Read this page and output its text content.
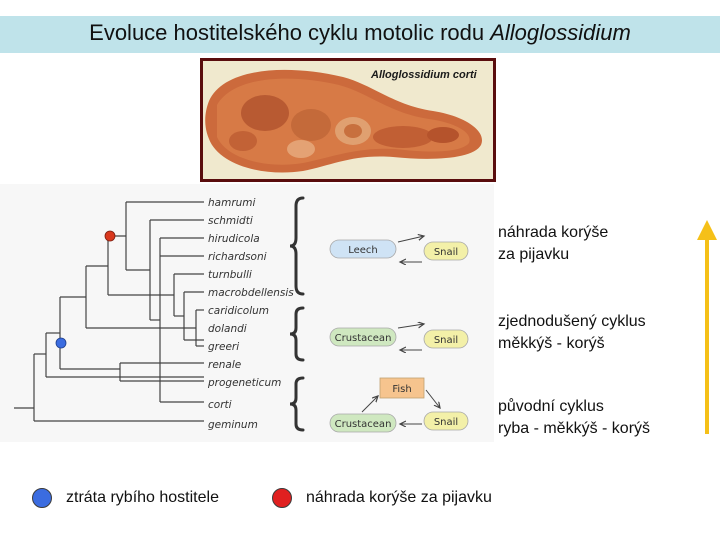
Evoluce hostitelského cyklu motolic rodu Alloglossidium
Alloglossidium corti
hamrumi
schmidti
hirudicola
richardsoni
turnbulli
macrobdellensis
caridicolum
dolandi
greeri
renale
progeneticum
corti
geminum
Leech	Snail
Crustacean	Snail
Fish
Crustacean	Snail
náhrada korýše
za pijavku
zjednodušený cyklus
měkkýš - korýš
původní cyklus
ryba - měkkýš - korýš
ztráta rybího hostitele	náhrada korýše za pijavku
